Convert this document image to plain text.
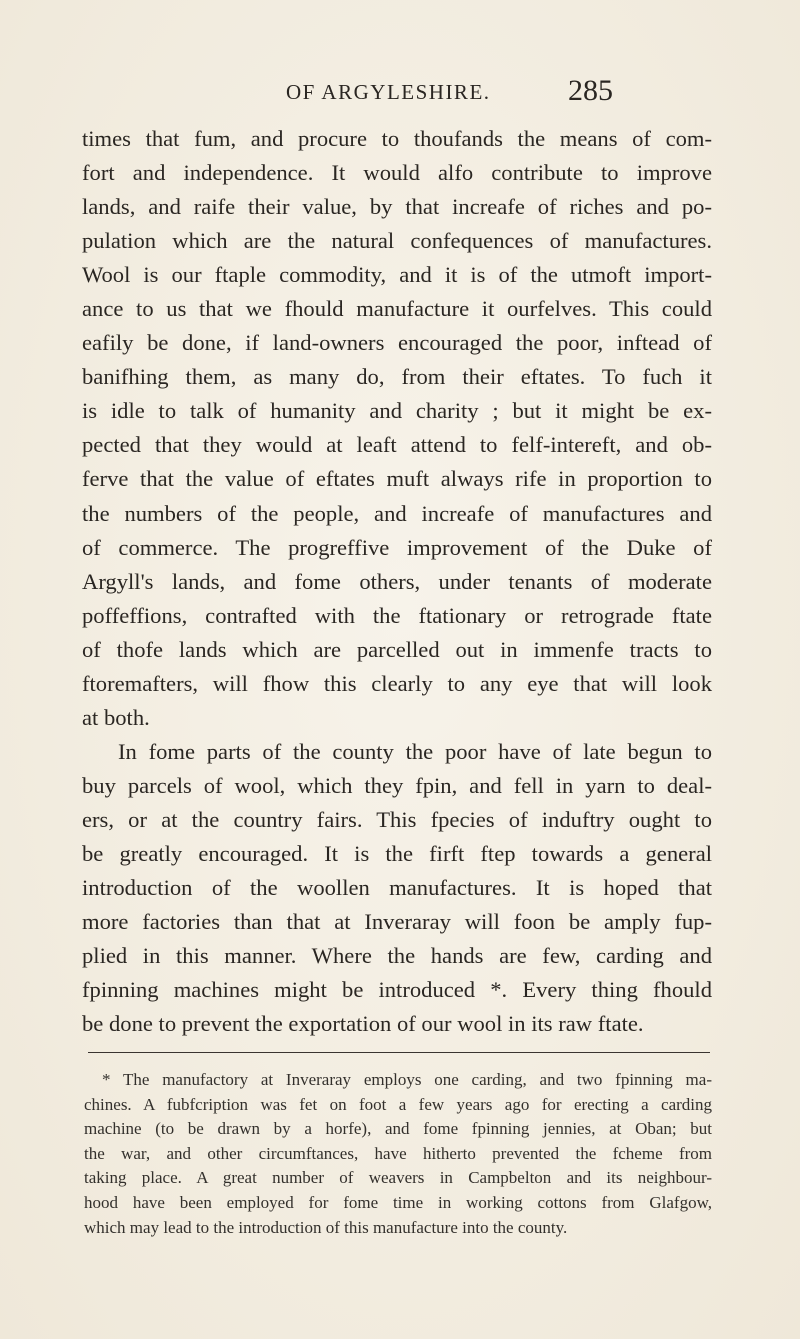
OF ARGYLESHIRE.	285

times that fum, and procure to thoufands the means of com-
fort and independence. It would alfo contribute to improve
lands, and raife their value, by that increafe of riches and po-
pulation which are the natural confequences of manufactures.
Wool is our ftaple commodity, and it is of the utmoft import-
ance to us that we fhould manufacture it ourfelves. This could
eafily be done, if land-owners encouraged the poor, inftead of
banifhing them, as many do, from their eftates. To fuch it
is idle to talk of humanity and charity ; but it might be ex-
pected that they would at leaft attend to felf-intereft, and ob-
ferve that the value of eftates muft always rife in proportion to
the numbers of the people, and increafe of manufactures and
of commerce. The progreffive improvement of the Duke of
Argyll's lands, and fome others, under tenants of moderate
poffeffions, contrafted with the ftationary or retrograde ftate
of thofe lands which are parcelled out in immenfe tracts to
ftoremafters, will fhow this clearly to any eye that will look
at both.

In fome parts of the county the poor have of late begun to
buy parcels of wool, which they fpin, and fell in yarn to deal-
ers, or at the country fairs. This fpecies of induftry ought to
be greatly encouraged. It is the firft ftep towards a general
introduction of the woollen manufactures. It is hoped that
more factories than that at Inveraray will foon be amply fup-
plied in this manner. Where the hands are few, carding and
fpinning machines might be introduced *. Every thing fhould
be done to prevent the exportation of our wool in its raw ftate.

* The manufactory at Inveraray employs one carding, and two fpinning ma-
chines. A fubfcription was fet on foot a few years ago for erecting a carding
machine (to be drawn by a horfe), and fome fpinning jennies, at Oban; but
the war, and other circumftances, have hitherto prevented the fcheme from
taking place. A great number of weavers in Campbelton and its neighbour-
hood have been employed for fome time in working cottons from Glafgow,
which may lead to the introduction of this manufacture into the county.
